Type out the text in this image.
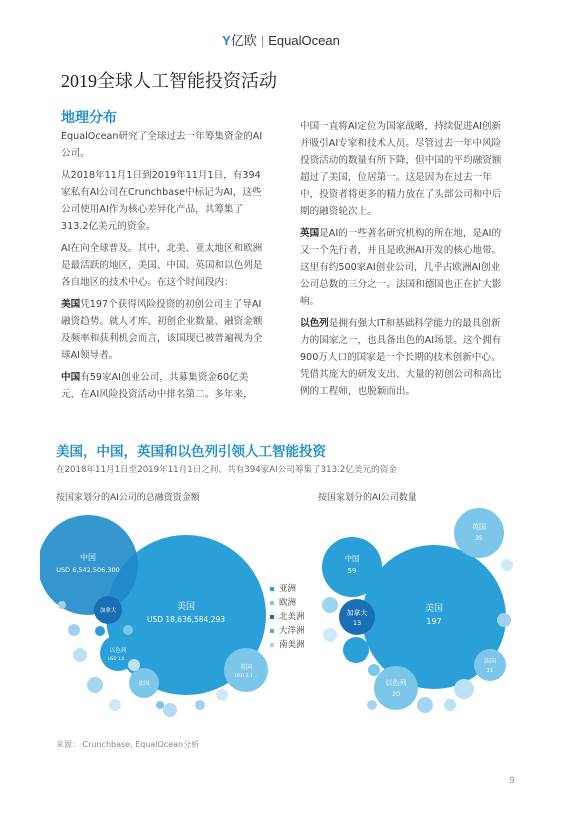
Y亿欧 | EqualOcean
2019全球人工智能投资活动
地理分布

EqualOcean研究了全球过去一年筹集资金的AI公司。

从2018年11月1日到2019年11月1日，有394家私有AI公司在Crunchbase中标记为AI，这些公司使用AI作为核心差异化产品，共筹集了313.2亿美元的资金。

AI在向全球普及。其中，北美、亚太地区和欧洲是最活跃的地区，美国、中国、英国和以色列是各自地区的技术中心。在这个时间段内：

美国凭197个获得风险投资的初创公司主了导AI融资趋势。就人才库、初创企业数量、融资金额及频率和获利机会而言，该国现已被普遍视为全球AI领导者。

中国有59家AI创业公司，共募集资金60亿美元，在AI风险投资活动中排名第二。多年来，

中国一直将AI定位为国家战略，持续促进AI创新并吸引AI专家和技术人员。尽管过去一年中风险投资活动的数量有所下降，但中国的平均融资额超过了美国，位居第一。这是因为在过去一年中，投资者将更多的精力放在了头部公司和中后期的融资轮次上。

英国是AI的一些著名研究机构的所在地，是AI的又一个先行者，并且是欧洲AI开发的核心地带。这里有约500家AI创业公司，几乎占欧洲AI创业公司总数的三分之一。法国和德国也正在扩大影响。

以色列是拥有强大IT和基础科学能力的最具创新力的国家之一，也具备出色的AI场景。这个拥有900万人口的国家是一个长期的技术创新中心。凭借其庞大的研发支出、大量的初创公司和高比例的工程师，也脱颖而出。

美国，中国，英国和以色列引领人工智能投资
在2018年11月1日至2019年11月1日之间，共有394家AI公司筹集了313.2亿美元的资金
按国家划分的AI公司的总融资资金额	按国家划分的AI公司数量
美国
USD 18,636,584,293
中国
USD 6,542,506,300
英国
USD 2,1...
以色列
USD 1,0...
加拿大
法国
亚洲
欧洲
北美洲
大洋洲
南美洲
美国
197
中国
59
英国
35
以色列
20
加拿大
13
法国
11
来源： Crunchbase, EqualOcean分析
9
